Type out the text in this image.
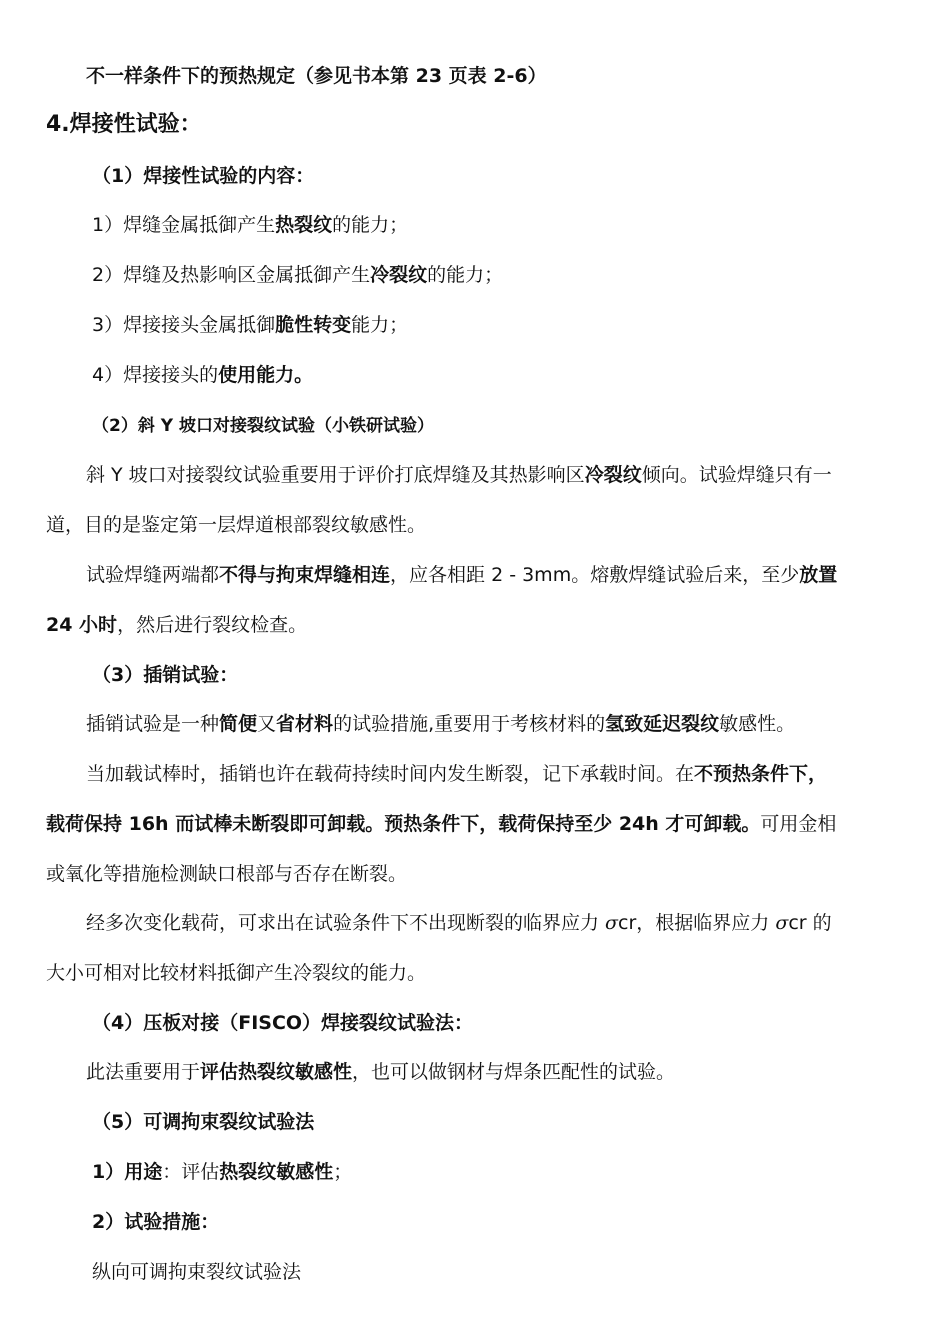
不一样条件下的预热规定（参见书本第 23 页表 2-6）
4.焊接性试验：
（1）焊接性试验的内容：
1）焊缝金属抵御产生热裂纹的能力；
2）焊缝及热影响区金属抵御产生冷裂纹的能力；
3）焊接接头金属抵御脆性转变能力；
4）焊接接头的使用能力。
（2）斜 Y 坡口对接裂纹试验（小铁研试验）
斜 Y 坡口对接裂纹试验重要用于评价打底焊缝及其热影响区冷裂纹倾向。试验焊缝只有一
道，目的是鉴定第一层焊道根部裂纹敏感性。
试验焊缝两端都不得与拘束焊缝相连，应各相距 2 - 3mm。熔敷焊缝试验后来，至少放置
24 小时，然后进行裂纹检查。
（3）插销试验：
插销试验是一种简便又省材料的试验措施,重要用于考核材料的氢致延迟裂纹敏感性。
当加载试棒时，插销也许在载荷持续时间内发生断裂，记下承载时间。在不预热条件下，
载荷保持 16h 而试棒未断裂即可卸载。预热条件下，载荷保持至少 24h 才可卸载。可用金相
或氧化等措施检测缺口根部与否存在断裂。
经多次变化载荷，可求出在试验条件下不出现断裂的临界应力 σcr，根据临界应力 σcr 的
大小可相对比较材料抵御产生冷裂纹的能力。
（4）压板对接（FISCO）焊接裂纹试验法：
此法重要用于评估热裂纹敏感性，也可以做钢材与焊条匹配性的试验。
（5）可调拘束裂纹试验法
1）用途：评估热裂纹敏感性；
2）试验措施：
纵向可调拘束裂纹试验法
